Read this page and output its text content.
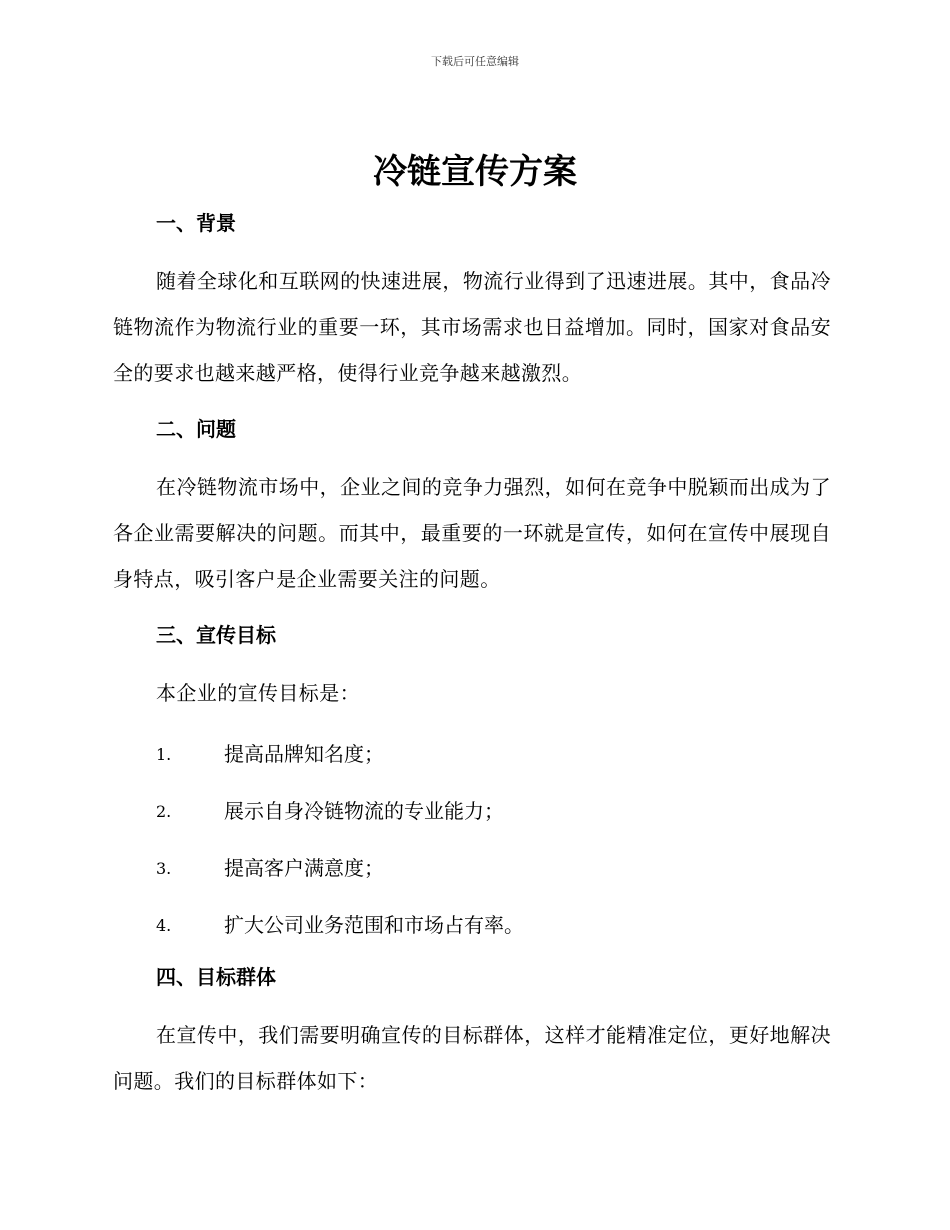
下载后可任意编辑
冷链宣传方案
一、背景

随着全球化和互联网的快速进展，物流行业得到了迅速进展。其中，食品冷链物流作为物流行业的重要一环，其市场需求也日益增加。同时，国家对食品安全的要求也越来越严格，使得行业竞争越来越激烈。

二、问题

在冷链物流市场中，企业之间的竞争力强烈，如何在竞争中脱颖而出成为了各企业需要解决的问题。而其中，最重要的一环就是宣传，如何在宣传中展现自身特点，吸引客户是企业需要关注的问题。

三、宣传目标

本企业的宣传目标是：

1.	提高品牌知名度；
2.	展示自身冷链物流的专业能力；
3.	提高客户满意度；
4.	扩大公司业务范围和市场占有率。
四、目标群体

在宣传中，我们需要明确宣传的目标群体，这样才能精准定位，更好地解决问题。我们的目标群体如下：
